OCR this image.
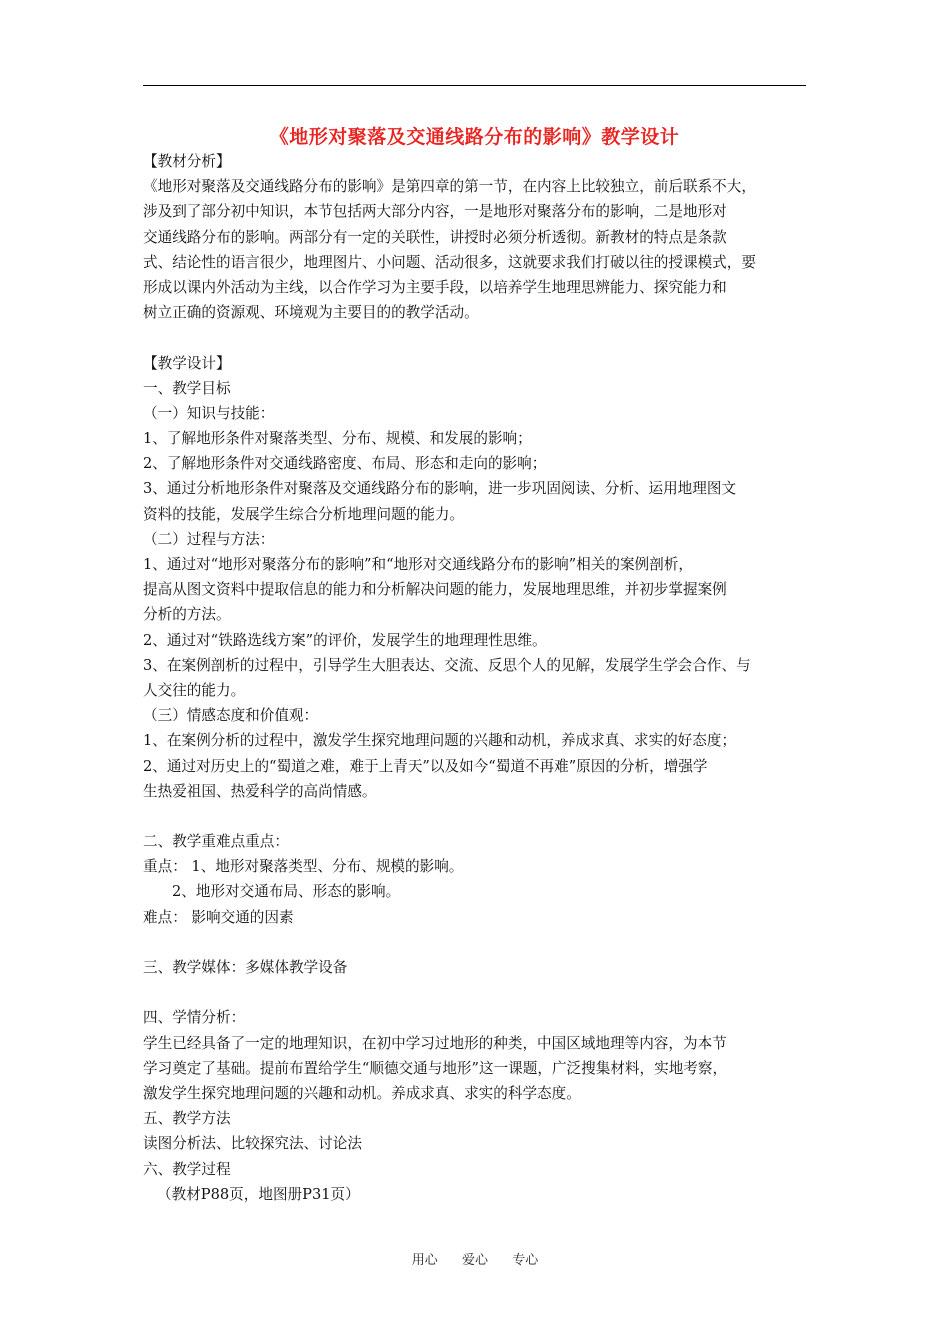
《地形对聚落及交通线路分布的影响》教学设计
【教材分析】
《地形对聚落及交通线路分布的影响》是第四章的第一节，在内容上比较独立，前后联系不大，
涉及到了部分初中知识，本节包括两大部分内容，一是地形对聚落分布的影响，二是地形对
交通线路分布的影响。两部分有一定的关联性，讲授时必须分析透彻。新教材的特点是条款
式、结论性的语言很少，地理图片、小问题、活动很多，这就要求我们打破以往的授课模式，要
形成以课内外活动为主线，以合作学习为主要手段，以培养学生地理思辨能力、探究能力和
树立正确的资源观、环境观为主要目的的教学活动。
【教学设计】
一、教学目标
（一）知识与技能：
1、了解地形条件对聚落类型、分布、规模、和发展的影响；
2、了解地形条件对交通线路密度、布局、形态和走向的影响；
3、通过分析地形条件对聚落及交通线路分布的影响，进一步巩固阅读、分析、运用地理图文
资料的技能，发展学生综合分析地理问题的能力。
（二）过程与方法：
1、通过对“地形对聚落分布的影响”和“地形对交通线路分布的影响”相关的案例剖析，
提高从图文资料中提取信息的能力和分析解决问题的能力，发展地理思维，并初步掌握案例
分析的方法。
2、通过对“铁路选线方案”的评价，发展学生的地理理性思维。
3、在案例剖析的过程中，引导学生大胆表达、交流、反思个人的见解，发展学生学会合作、与
人交往的能力。
（三）情感态度和价值观：
1、在案例分析的过程中，激发学生探究地理问题的兴趣和动机，养成求真、求实的好态度；
2、通过对历史上的“蜀道之难，难于上青天”以及如今“蜀道不再难”原因的分析，增强学
生热爱祖国、热爱科学的高尚情感。
二、教学重难点重点：
重点： 1、地形对聚落类型、分布、规模的影响。
2、地形对交通布局、形态的影响。
难点： 影响交通的因素
三、教学媒体：多媒体教学设备
四、学情分析：
学生已经具备了一定的地理知识，在初中学习过地形的种类，中国区域地理等内容，为本节
学习奠定了基础。提前布置给学生“顺德交通与地形”这一课题，广泛搜集材料，实地考察，
激发学生探究地理问题的兴趣和动机。养成求真、求实的科学态度。
五、教学方法
读图分析法、比较探究法、讨论法
六、教学过程
（教材P88页，地图册P31页）
用心  爱心  专心
